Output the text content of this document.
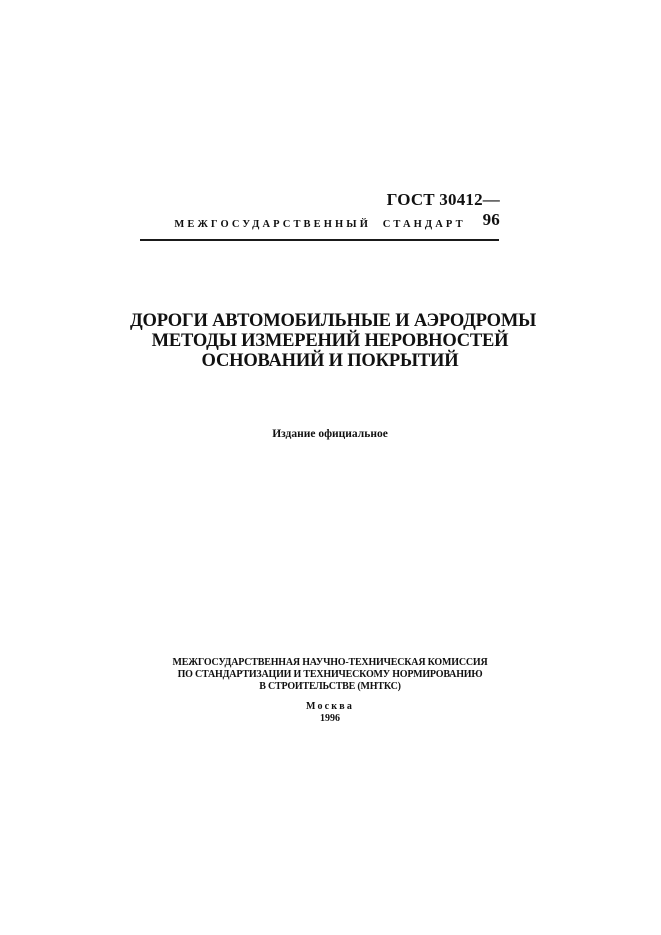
ГОСТ 30412—96
МЕЖГОСУДАРСТВЕННЫЙ СТАНДАРТ
ДОРОГИ АВТОМОБИЛЬНЫЕ И АЭРОДРОМЫ
МЕТОДЫ ИЗМЕРЕНИЙ НЕРОВНОСТЕЙ
ОСНОВАНИЙ И ПОКРЫТИЙ
Издание официальное
МЕЖГОСУДАРСТВЕННАЯ НАУЧНО-ТЕХНИЧЕСКАЯ КОМИССИЯ
ПО СТАНДАРТИЗАЦИИ И ТЕХНИЧЕСКОМУ НОРМИРОВАНИЮ
В СТРОИТЕЛЬСТВЕ (МНТКС)
Москва
1996
